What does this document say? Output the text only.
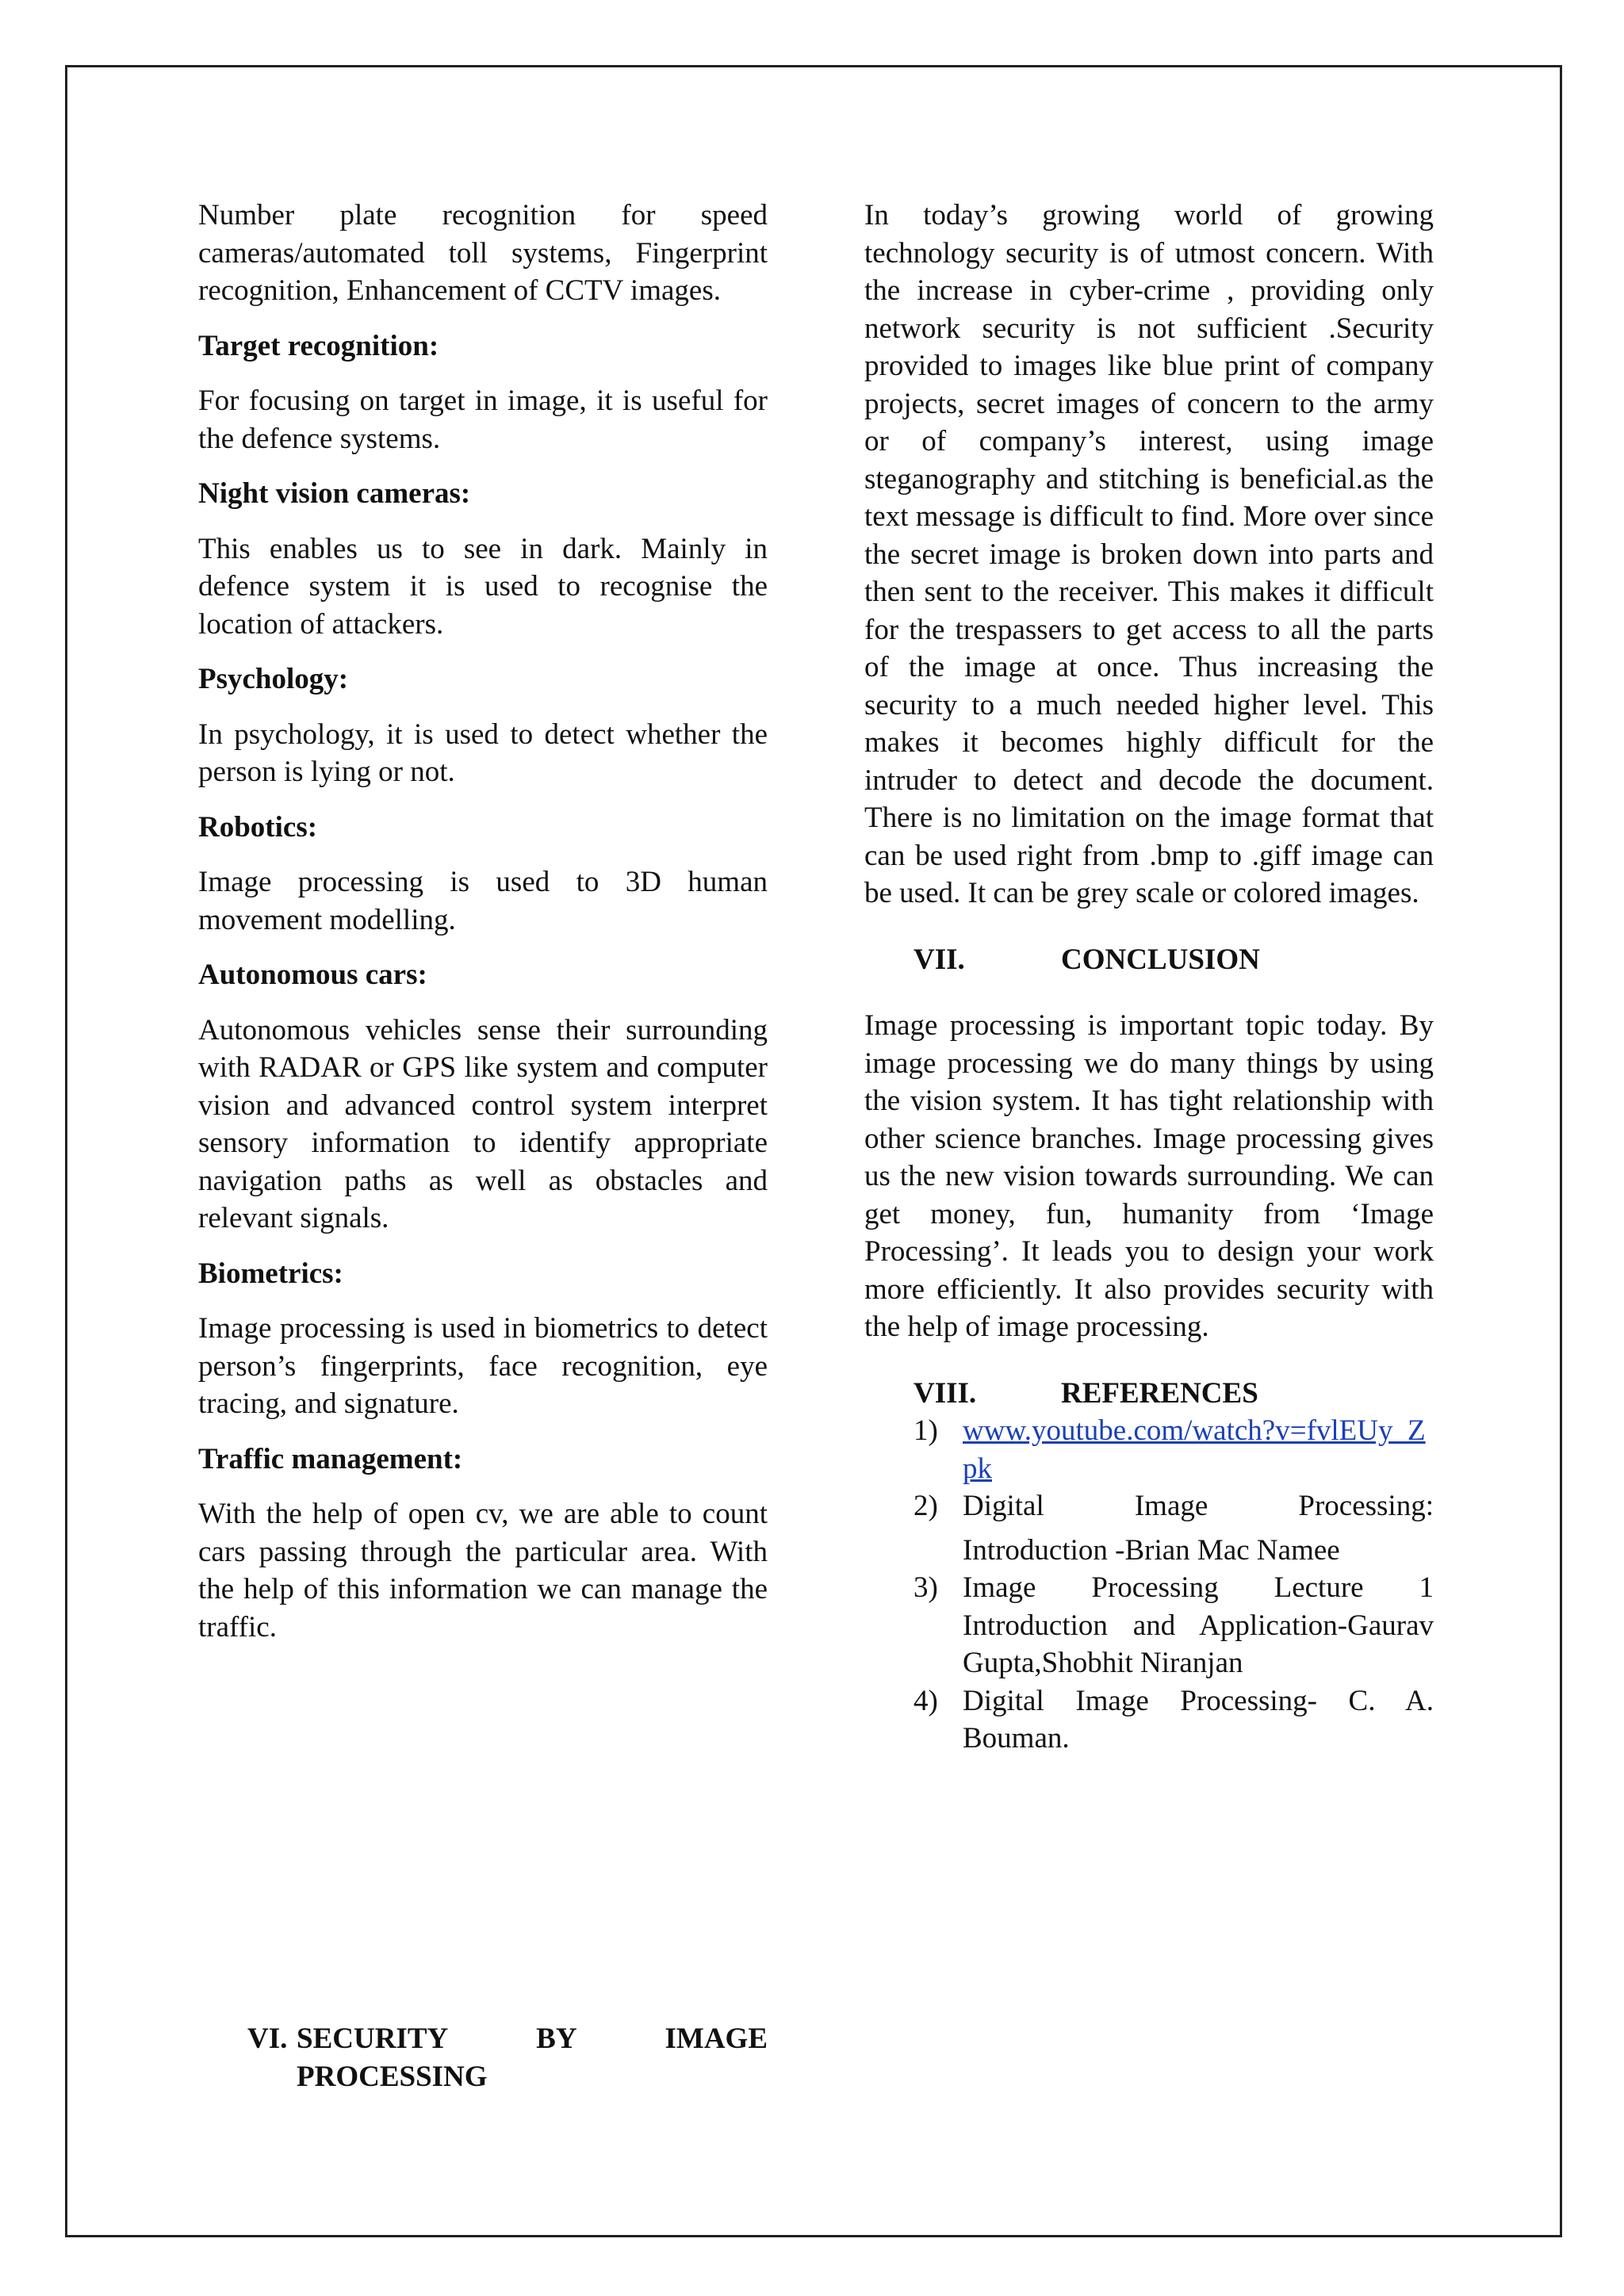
Number plate recognition for speed cameras/automated toll systems, Fingerprint recognition, Enhancement of CCTV images.

Target recognition:

For focusing on target in image, it is useful for the defence systems.

Night vision cameras:

This enables us to see in dark. Mainly in defence system it is used to recognise the location of attackers.

Psychology:

In psychology, it is used to detect whether the person is lying or not.

Robotics:

Image processing is used to 3D human movement modelling.

Autonomous cars:

Autonomous vehicles sense their surrounding with RADAR or GPS like system and computer vision and advanced control system interpret sensory information to identify appropriate navigation paths as well as obstacles and relevant signals.

Biometrics:

Image processing is used in biometrics to detect person’s fingerprints, face recognition, eye tracing, and signature.

Traffic management:

With the help of open cv, we are able to count cars passing through the particular area. With the help of this information we can manage the traffic.

VI. SECURITY	BY	IMAGE
PROCESSING

In today’s growing world of growing technology security is of utmost concern. With the increase in cyber-crime , providing only network security is not sufficient .Security provided to images like blue print of company projects, secret images of concern to the army or of company’s interest, using image steganography and stitching is beneficial.as the text message is difficult to find. More over since the secret image is broken down into parts and then sent to the receiver. This makes it difficult for the trespassers to get access to all the parts of the image at once. Thus increasing the security to a much needed higher level. This makes it becomes highly difficult for the intruder to detect and decode the document. There is no limitation on the image format that can be used right from .bmp to .giff image can be used. It can be grey scale or colored images.

VII.	CONCLUSION

Image processing is important topic today. By image processing we do many things by using the vision system. It has tight relationship with other science branches. Image processing gives us the new vision towards surrounding. We can get money, fun, humanity from ‘Image Processing’. It leads you to design your work more efficiently. It also provides security with the help of image processing.

VIII.	REFERENCES
1) www.youtube.com/watch?v=fvlEUy_Zpk
2) Digital Image Processing:
Introduction -Brian Mac Namee
3) Image Processing Lecture 1 Introduction and Application-Gaurav Gupta,Shobhit Niranjan
4) Digital Image Processing- C. A. Bouman.
